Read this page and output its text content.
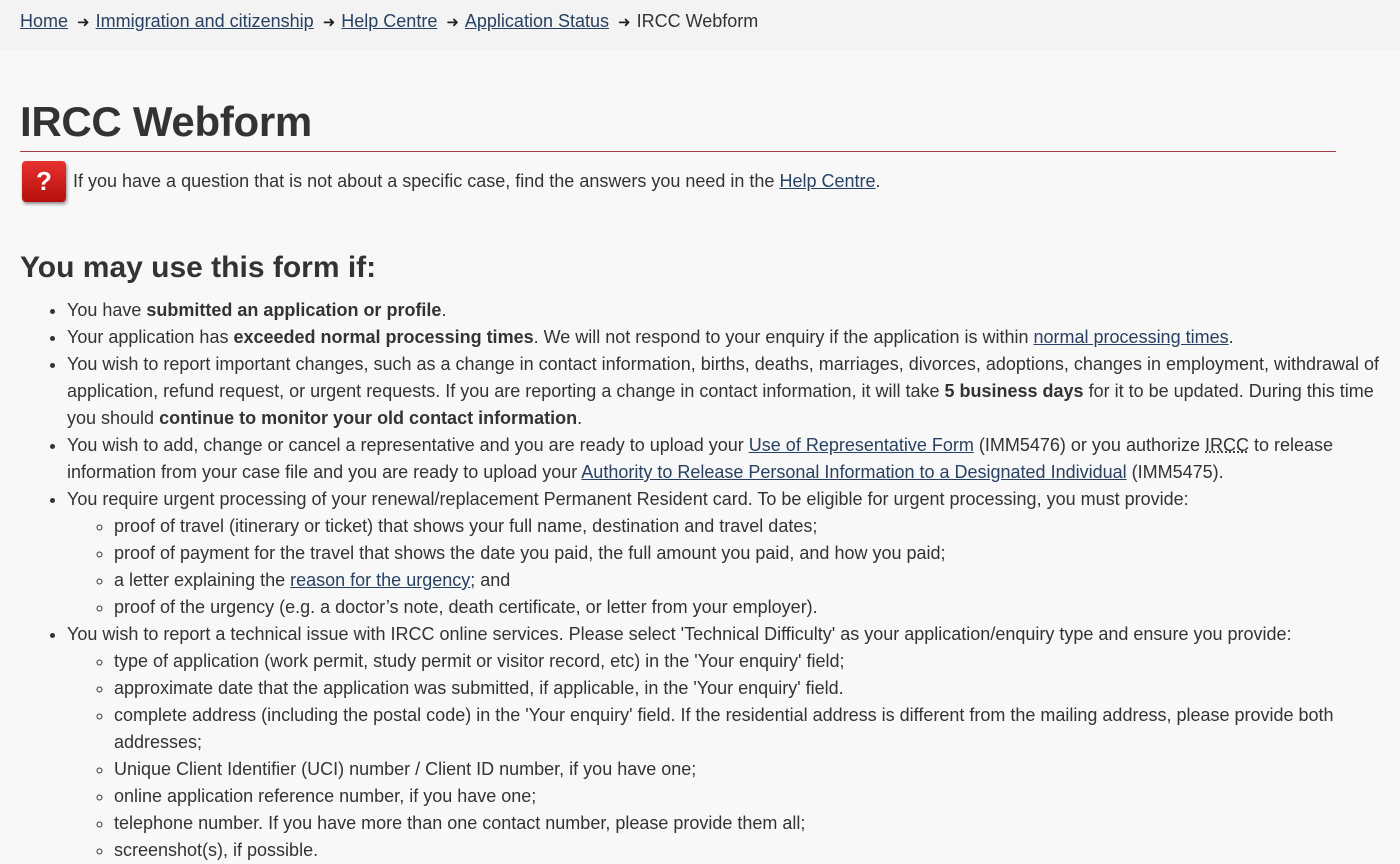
Home ➜ Immigration and citizenship ➜ Help Centre ➜ Application Status ➜ IRCC Webform
IRCC Webform
?	If you have a question that is not about a specific case, find the answers you need in the Help Centre.
You may use this form if:
• You have submitted an application or profile.
• Your application has exceeded normal processing times. We will not respond to your enquiry if the application is within normal processing times.
• You wish to report important changes, such as a change in contact information, births, deaths, marriages, divorces, adoptions, changes in employment, withdrawal of application, refund request, or urgent requests. If you are reporting a change in contact information, it will take 5 business days for it to be updated. During this time you should continue to monitor your old contact information.
• You wish to add, change or cancel a representative and you are ready to upload your Use of Representative Form (IMM5476) or you authorize IRCC to release information from your case file and you are ready to upload your Authority to Release Personal Information to a Designated Individual (IMM5475).
• You require urgent processing of your renewal/replacement Permanent Resident card. To be eligible for urgent processing, you must provide:
◦ proof of travel (itinerary or ticket) that shows your full name, destination and travel dates;
◦ proof of payment for the travel that shows the date you paid, the full amount you paid, and how you paid;
◦ a letter explaining the reason for the urgency; and
◦ proof of the urgency (e.g. a doctor’s note, death certificate, or letter from your employer).
• You wish to report a technical issue with IRCC online services. Please select 'Technical Difficulty' as your application/enquiry type and ensure you provide:
◦ type of application (work permit, study permit or visitor record, etc) in the 'Your enquiry' field;
◦ approximate date that the application was submitted, if applicable, in the 'Your enquiry' field.
◦ complete address (including the postal code) in the 'Your enquiry' field. If the residential address is different from the mailing address, please provide both addresses;
◦ Unique Client Identifier (UCI) number / Client ID number, if you have one;
◦ online application reference number, if you have one;
◦ telephone number. If you have more than one contact number, please provide them all;
◦ screenshot(s), if possible.
